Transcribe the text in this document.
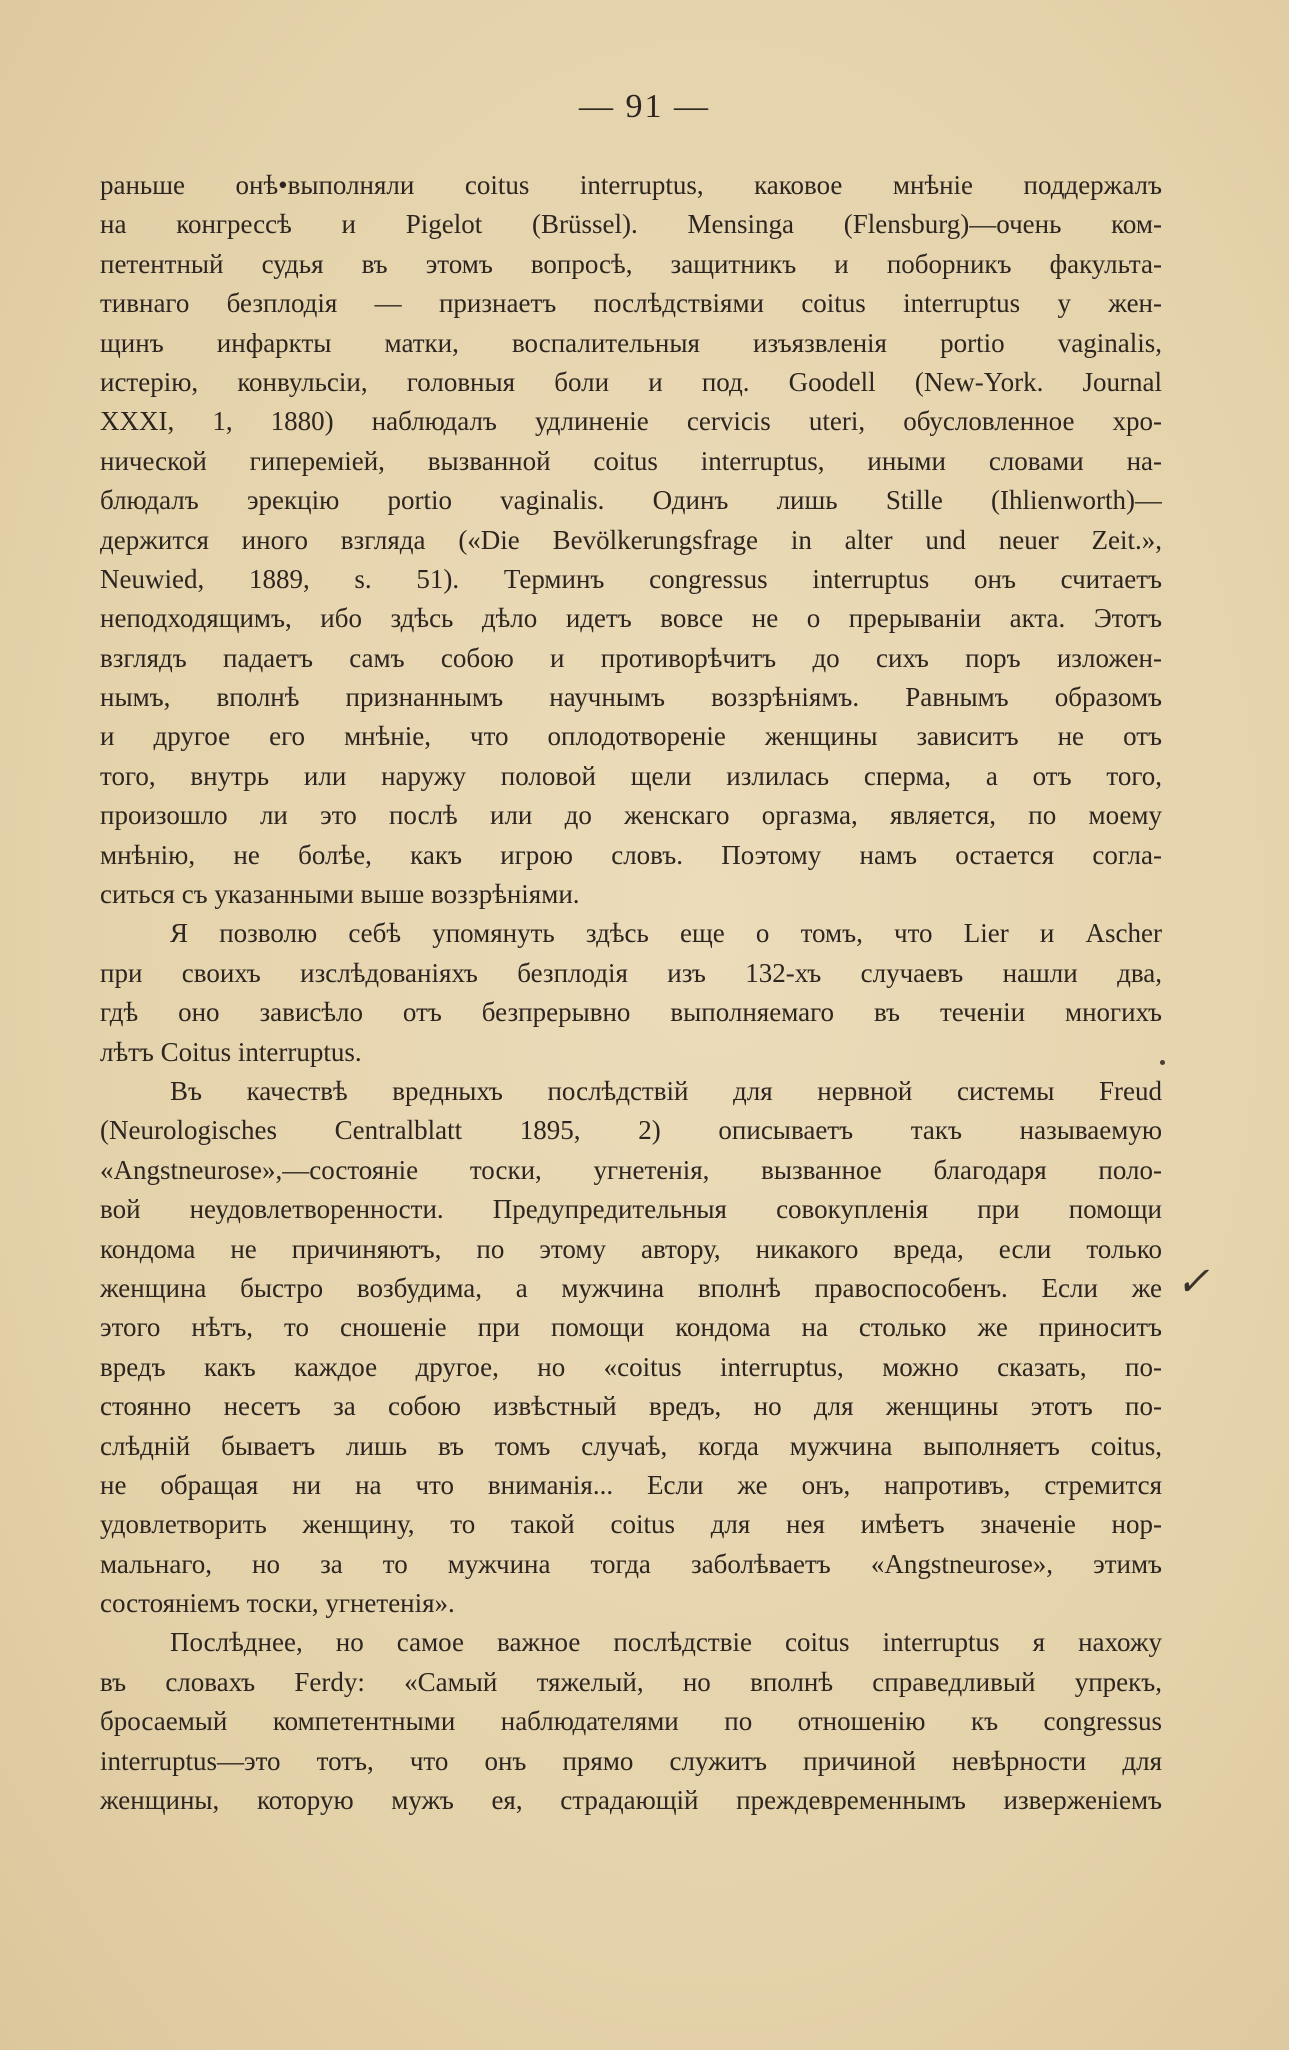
— 91 —
раньше онѣ•выполняли coitus interruptus, каковое мнѣніе поддержалъ
на конгрессѣ и Pigelot (Brüssel). Mensinga (Flensburg)—очень ком-
петентный судья въ этомъ вопросѣ, защитникъ и поборникъ факульта-
тивнаго безплодія — признаетъ послѣдствіями coitus interruptus у жен-
щинъ инфаркты матки, воспалительныя изъязвленія portio vaginalis,
истерію, конвульсіи, головныя боли и под. Goodell (New-York. Journal
XXXI, 1, 1880) наблюдалъ удлиненіе cervicis uteri, обусловленное хро-
нической гипереміей, вызванной coitus interruptus, иными словами на-
блюдалъ эрекцію portio vaginalis. Одинъ лишь Stille (Ihlienworth)—
держится иного взгляда («Die Bevölkerungsfrage in alter und neuer Zeit.»,
Neuwied, 1889, s. 51). Терминъ congressus interruptus онъ считаетъ
неподходящимъ, ибо здѣсь дѣло идетъ вовсе не о прерываніи акта. Этотъ
взглядъ падаетъ самъ собою и противорѣчитъ до сихъ поръ изложен-
нымъ, вполнѣ признаннымъ научнымъ воззрѣніямъ. Равнымъ образомъ
и другое его мнѣніе, что оплодотвореніе женщины зависитъ не отъ
того, внутрь или наружу половой щели излилась сперма, а отъ того,
произошло ли это послѣ или до женскаго оргазма, является, по моему
мнѣнію, не болѣе, какъ игрою словъ. Поэтому намъ остается согла-
ситься съ указанными выше воззрѣніями.
Я позволю себѣ упомянуть здѣсь еще о томъ, что Lier и Ascher
при своихъ изслѣдованіяхъ безплодія изъ 132-хъ случаевъ нашли два,
гдѣ оно зависѣло отъ безпрерывно выполняемаго въ теченіи многихъ
лѣтъ Coitus interruptus.
Въ качествѣ вредныхъ послѣдствій для нервной системы Freud
(Neurologisches Centralblatt 1895, 2) описываетъ такъ называемую
«Angstneurose»,—состояніе тоски, угнетенія, вызванное благодаря поло-
вой неудовлетворенности. Предупредительныя совокупленія при помощи
кондома не причиняютъ, по этому автору, никакого вреда, если только
женщина быстро возбудима, а мужчина вполнѣ правоспособенъ. Если же
этого нѣтъ, то сношеніе при помощи кондома на столько же приноситъ
вредъ какъ каждое другое, но «coitus interruptus, можно сказать, по-
стоянно несетъ за собою извѣстный вредъ, но для женщины этотъ по-
слѣдній бываетъ лишь въ томъ случаѣ, когда мужчина выполняетъ coitus,
не обращая ни на что вниманія... Если же онъ, напротивъ, стремится
удовлетворить женщину, то такой coitus для нея имѣетъ значеніе нор-
мальнаго, но за то мужчина тогда заболѣваетъ «Angstneurose», этимъ
состояніемъ тоски, угнетенія».
Послѣднее, но самое важное послѣдствіе coitus interruptus я нахожу
въ словахъ Ferdy: «Самый тяжелый, но вполнѣ справедливый упрекъ,
бросаемый компетентными наблюдателями по отношенію къ congressus
interruptus—это тотъ, что онъ прямо служитъ причиной невѣрности для
женщины, которую мужъ ея, страдающій преждевременнымъ изверженіемъ
✓
